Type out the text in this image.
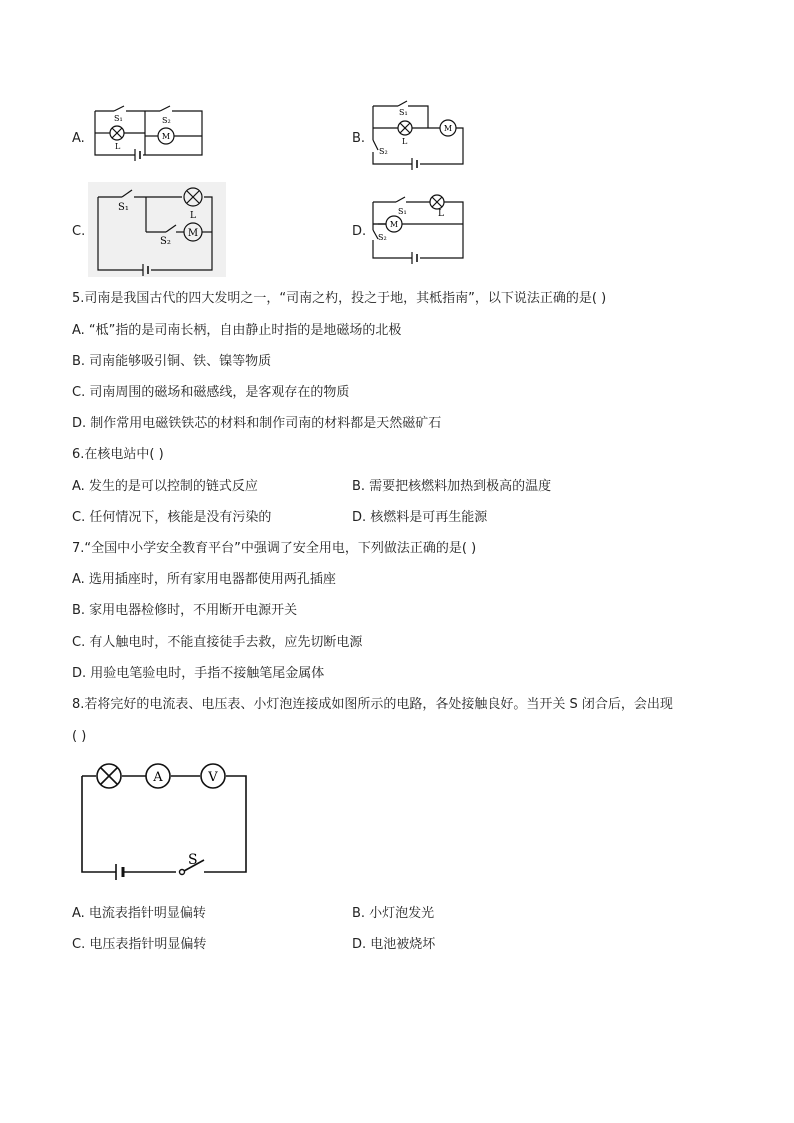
A.	M
S₁	S₂
L
B.
M
S₁
S₂
L
C.	M
S₁
S₂
L
D.	M
S₁
S₂
L
5.司南是我国古代的四大发明之一，“司南之杓，投之于地，其柢指南”，以下说法正确的是( )
A. “柢”指的是司南长柄，自由静止时指的是地磁场的北极
B. 司南能够吸引铜、铁、镍等物质
C. 司南周围的磁场和磁感线，是客观存在的物质
D. 制作常用电磁铁铁芯的材料和制作司南的材料都是天然磁矿石
6.在核电站中( )
A. 发生的是可以控制的链式反应	B. 需要把核燃料加热到极高的温度
C. 任何情况下，核能是没有污染的	D. 核燃料是可再生能源
7.“全国中小学安全教育平台”中强调了安全用电，下列做法正确的是( )
A. 选用插座时，所有家用电器都使用两孔插座
B. 家用电器检修时，不用断开电源开关
C. 有人触电时，不能直接徒手去救，应先切断电源
D. 用验电笔验电时，手指不接触笔尾金属体
8.若将完好的电流表、电压表、小灯泡连接成如图所示的电路，各处接触良好。当开关 S 闭合后，会出现
( )
A	V
S
A. 电流表指针明显偏转	B. 小灯泡发光
C. 电压表指针明显偏转	D. 电池被烧坏
